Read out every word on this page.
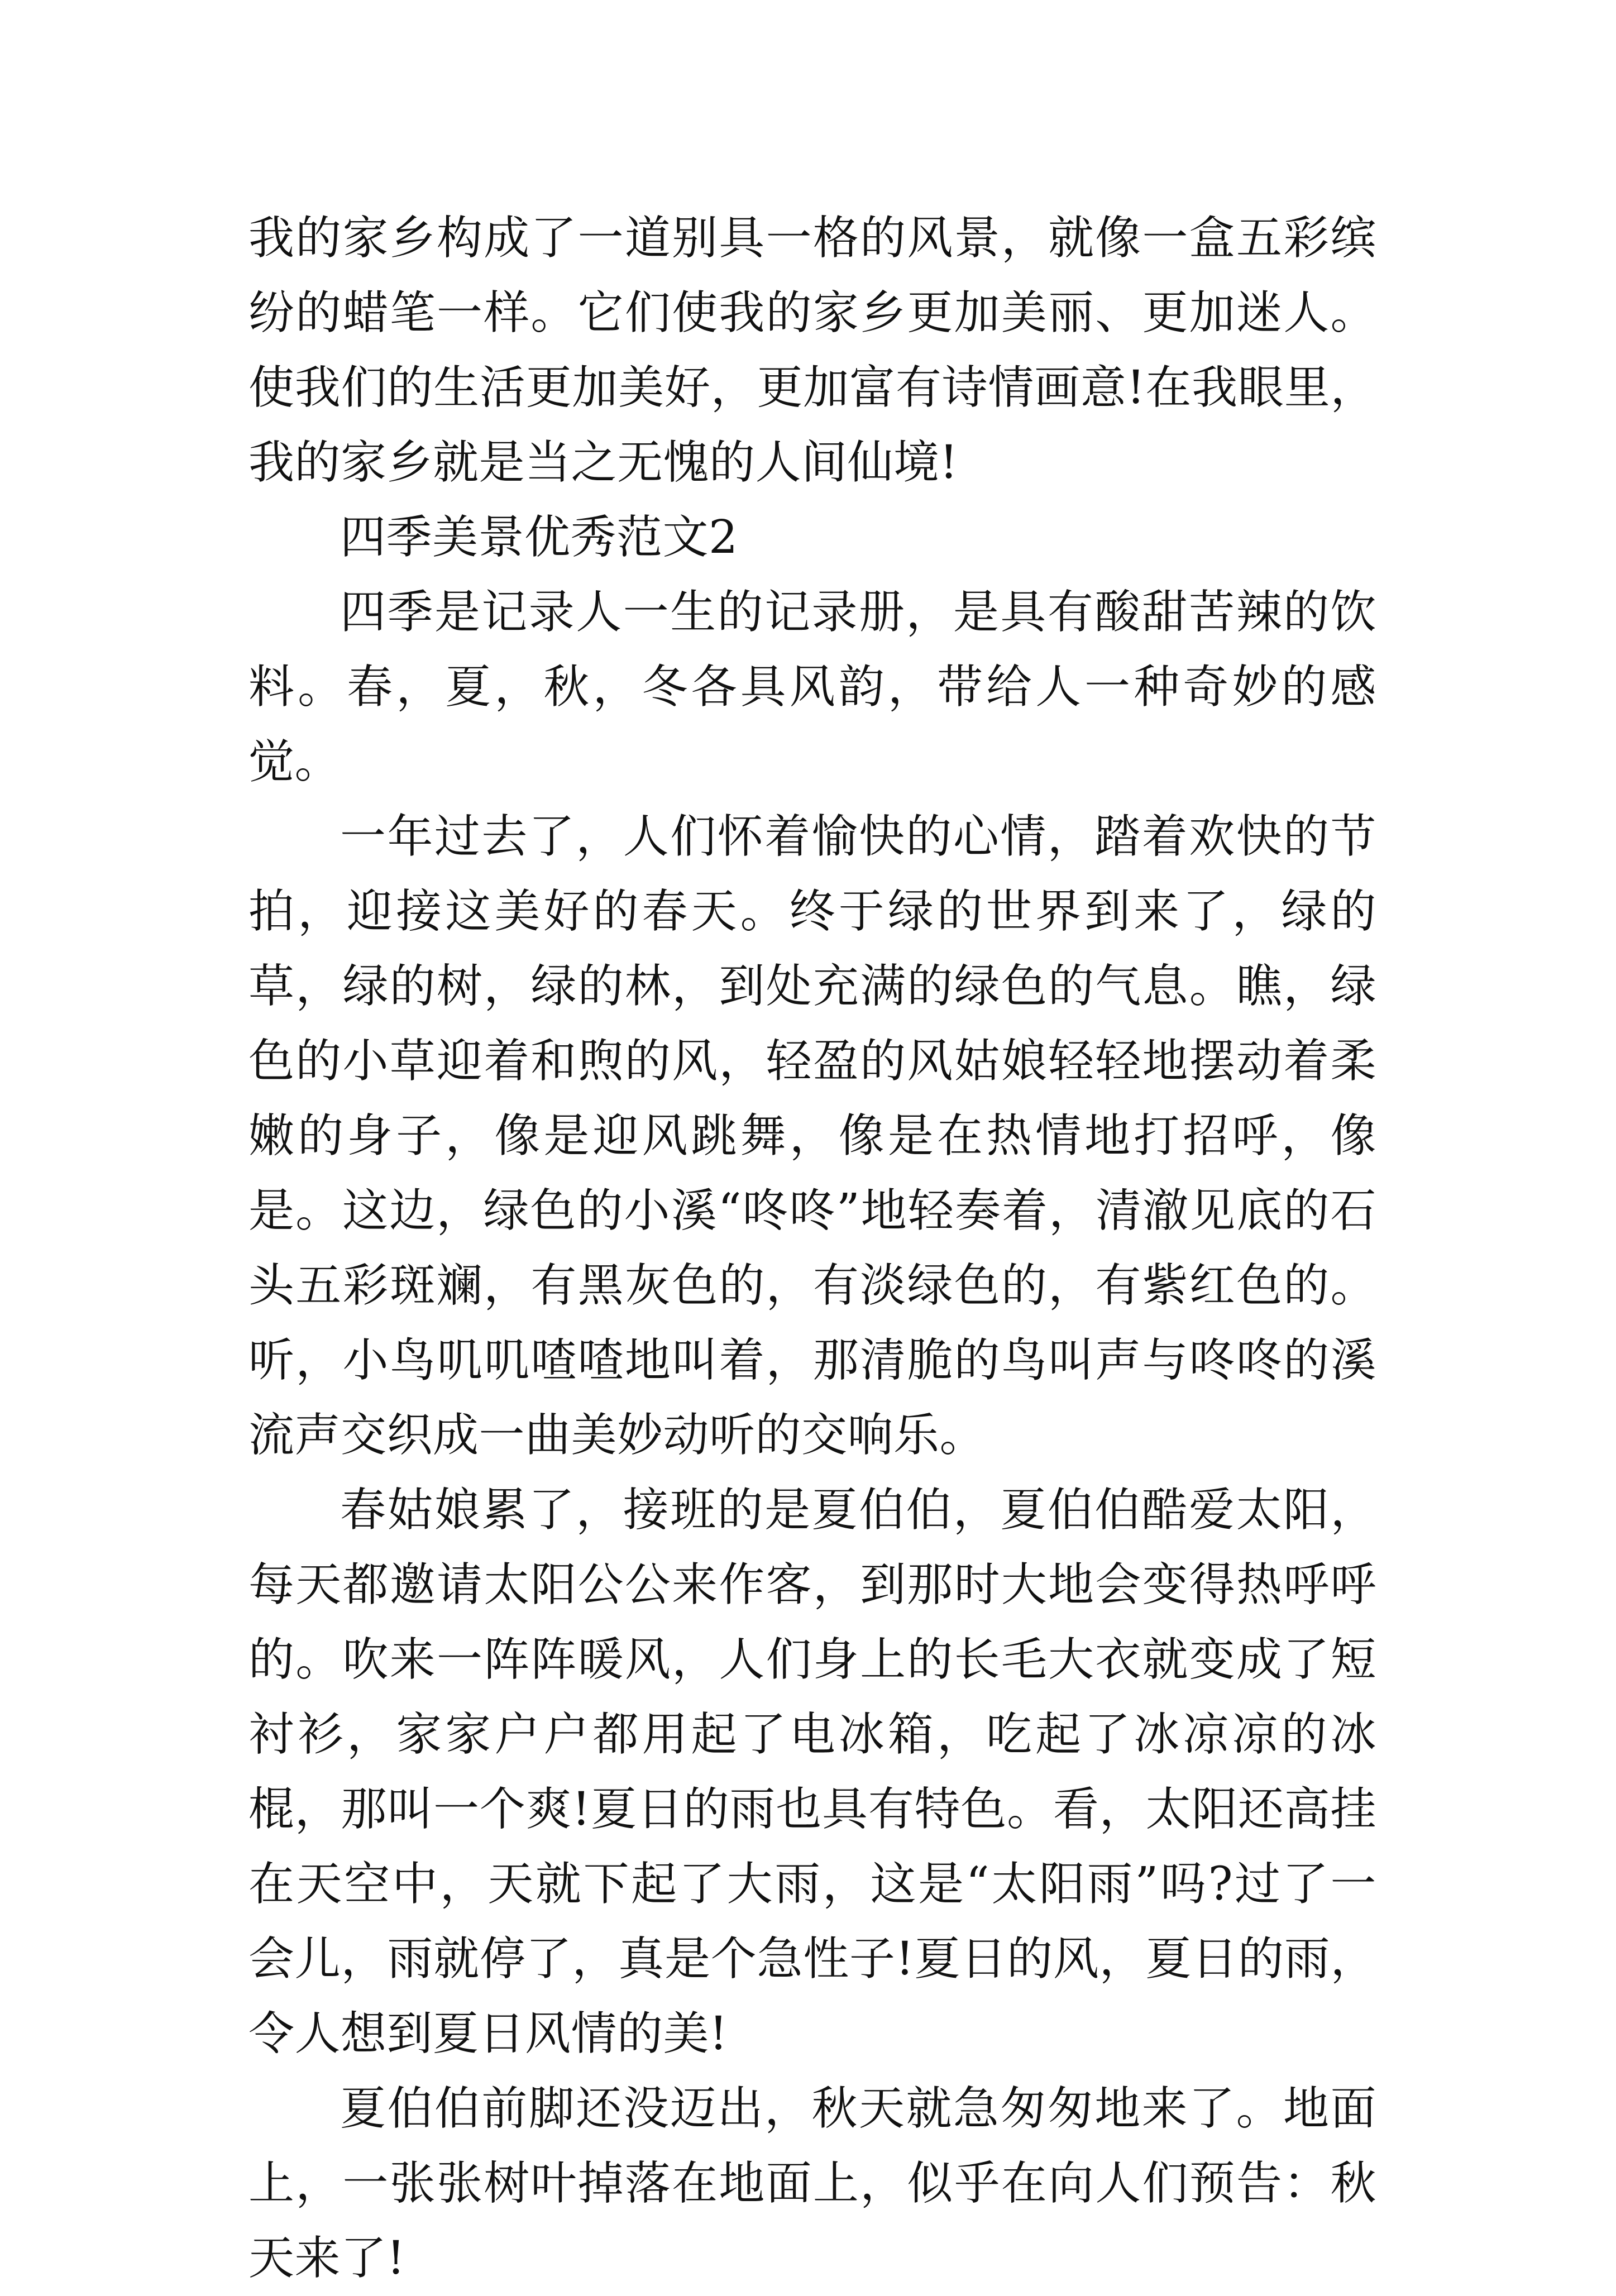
我的家乡构成了一道别具一格的风景，就像一盒五彩缤纷的蜡笔一样。它们使我的家乡更加美丽、更加迷人。使我们的生活更加美好，更加富有诗情画意!在我眼里，我的家乡就是当之无愧的人间仙境!

四季美景优秀范文2

四季是记录人一生的记录册，是具有酸甜苦辣的饮料。春，夏，秋，冬各具风韵，带给人一种奇妙的感觉。

一年过去了，人们怀着愉快的心情，踏着欢快的节拍，迎接这美好的春天。终于绿的世界到来了，绿的草，绿的树，绿的林，到处充满的绿色的气息。瞧，绿色的小草迎着和煦的风，轻盈的风姑娘轻轻地摆动着柔嫩的身子，像是迎风跳舞，像是在热情地打招呼，像是。这边，绿色的小溪“咚咚”地轻奏着，清澈见底的石头五彩斑斓，有黑灰色的，有淡绿色的，有紫红色的。听，小鸟叽叽喳喳地叫着，那清脆的鸟叫声与咚咚的溪流声交织成一曲美妙动听的交响乐。

春姑娘累了，接班的是夏伯伯，夏伯伯酷爱太阳，每天都邀请太阳公公来作客，到那时大地会变得热呼呼的。吹来一阵阵暖风，人们身上的长毛大衣就变成了短衬衫，家家户户都用起了电冰箱，吃起了冰凉凉的冰棍，那叫一个爽!夏日的雨也具有特色。看，太阳还高挂在天空中，天就下起了大雨，这是“太阳雨”吗?过了一会儿，雨就停了，真是个急性子!夏日的风，夏日的雨，令人想到夏日风情的美!

夏伯伯前脚还没迈出，秋天就急匆匆地来了。地面上，一张张树叶掉落在地面上，似乎在向人们预告：秋天来了!
